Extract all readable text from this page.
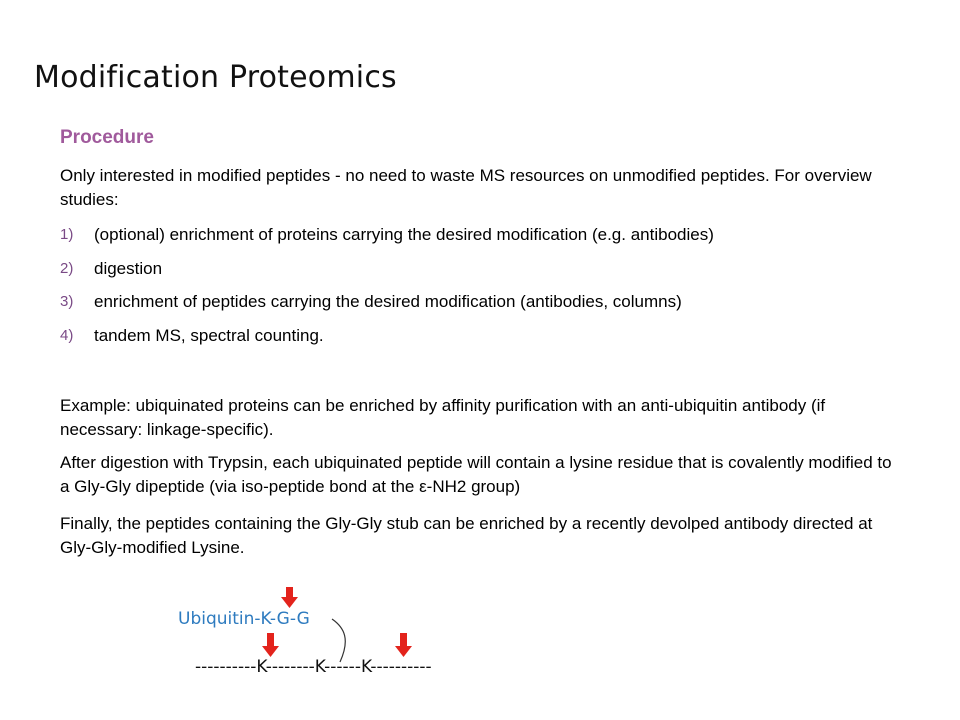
Modification Proteomics
Procedure
Only interested in modified peptides - no need to waste MS resources on unmodified peptides. For overview studies:
1)	(optional) enrichment of proteins carrying the desired modification (e.g. antibodies)
2)	digestion
3)	enrichment of peptides carrying the desired modification (antibodies, columns)
4)	tandem MS, spectral counting.
Example: ubiquinated proteins can be enriched by affinity purification with an anti-ubiquitin antibody (if necessary: linkage-specific).
After digestion with Trypsin, each ubiquinated peptide will contain a lysine residue that is covalently modified to a Gly-Gly dipeptide (via iso-peptide bond at the ε-NH2 group)
Finally, the peptides containing the Gly-Gly stub can be enriched by a recently devolped antibody directed at Gly-Gly-modified Lysine.
Ubiquitin-K-G-G
----------K--------K------K----------
